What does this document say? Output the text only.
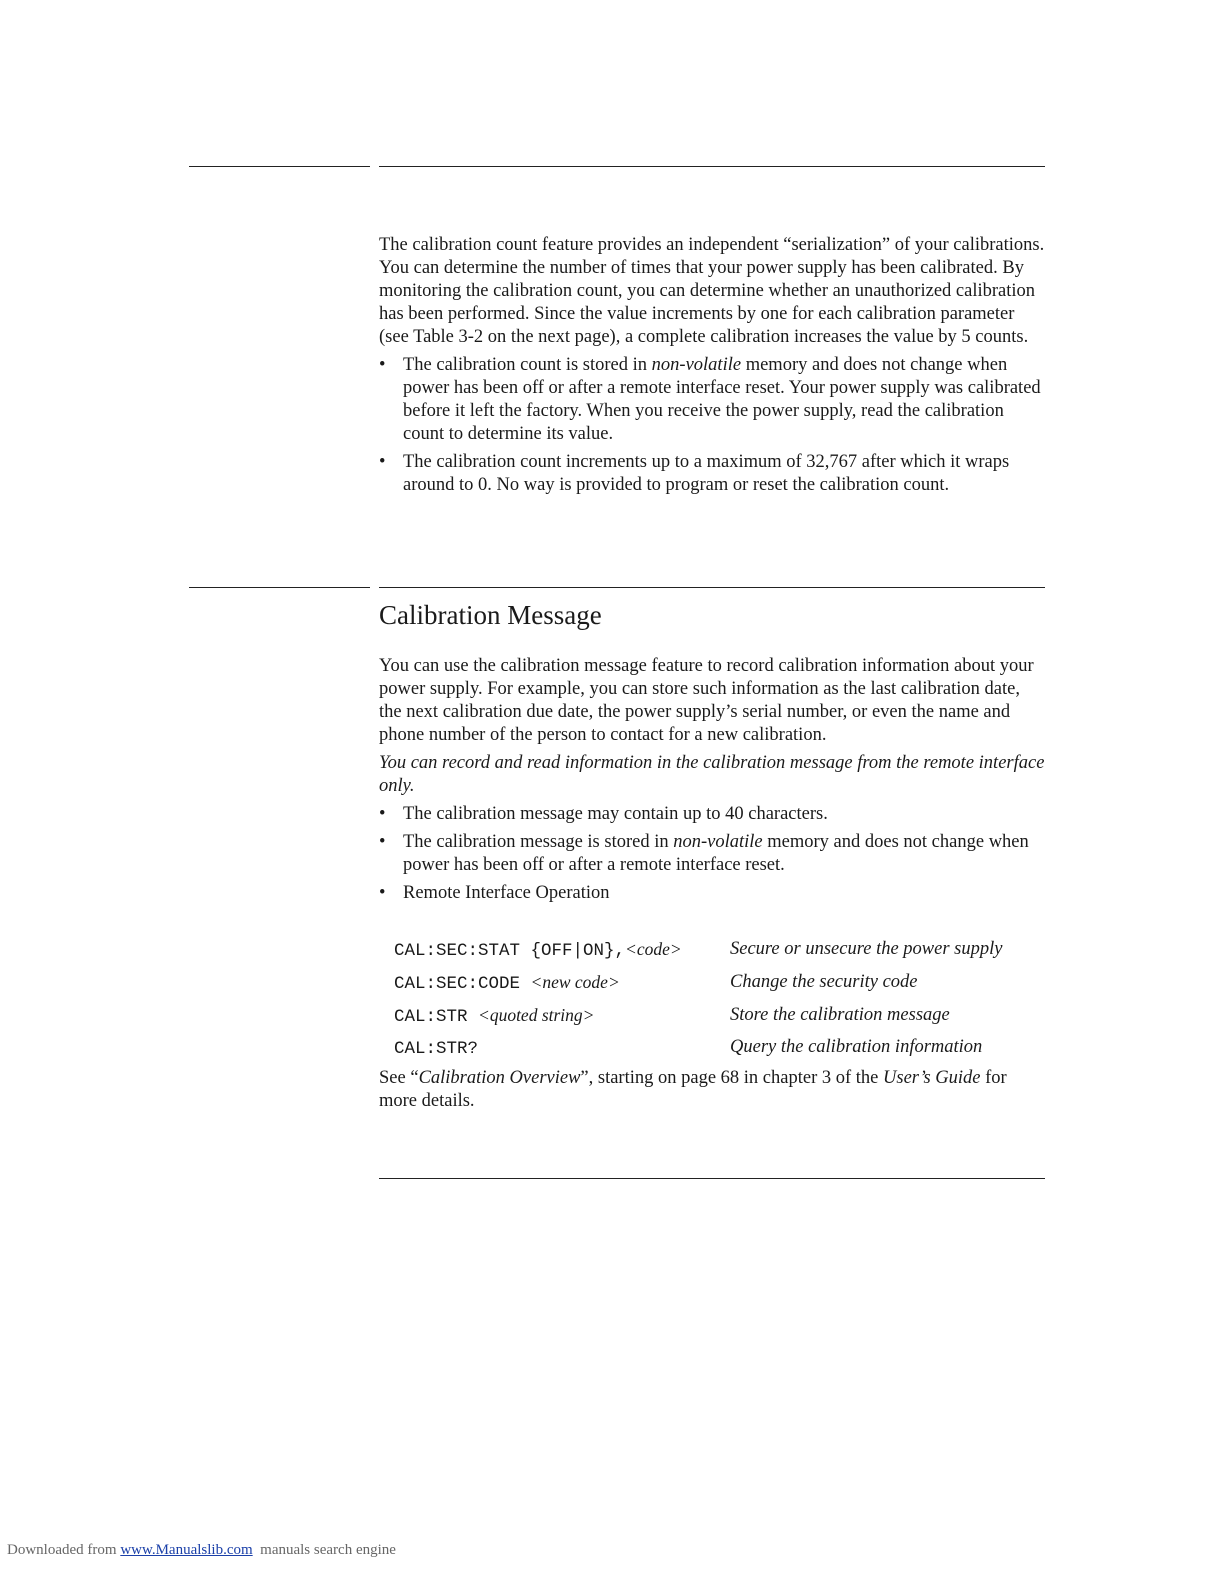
The calibration count feature provides an independent “serialization” of your calibrations. You can determine the number of times that your power supply has been calibrated. By monitoring the calibration count, you can determine whether an unauthorized calibration has been performed. Since the value increments by one for each calibration parameter (see Table 3-2 on the next page), a complete calibration increases the value by 5 counts.

• The calibration count is stored in non-volatile memory and does not change when power has been off or after a remote interface reset. Your power supply was calibrated before it left the factory. When you receive the power supply, read the calibration count to determine its value.
• The calibration count increments up to a maximum of 32,767 after which it wraps around to 0. No way is provided to program or reset the calibration count.
Calibration Message

You can use the calibration message feature to record calibration information about your power supply. For example, you can store such information as the last calibration date, the next calibration due date, the power supply’s serial number, or even the name and phone number of the person to contact for a new calibration.

You can record and read information in the calibration message from the remote interface only.

• The calibration message may contain up to 40 characters.
• The calibration message is stored in non-volatile memory and does not change when power has been off or after a remote interface reset.
• Remote Interface Operation
CAL:SEC:STAT {OFF|ON},<code>	Secure or unsecure the power supply
CAL:SEC:CODE <new code>	Change the security code
CAL:STR <quoted string>	Store the calibration message
CAL:STR?	Query the calibration information

See “Calibration Overview”, starting on page 68 in chapter 3 of the User’s Guide for more details.

Downloaded from www.Manualslib.com  manuals search engine
